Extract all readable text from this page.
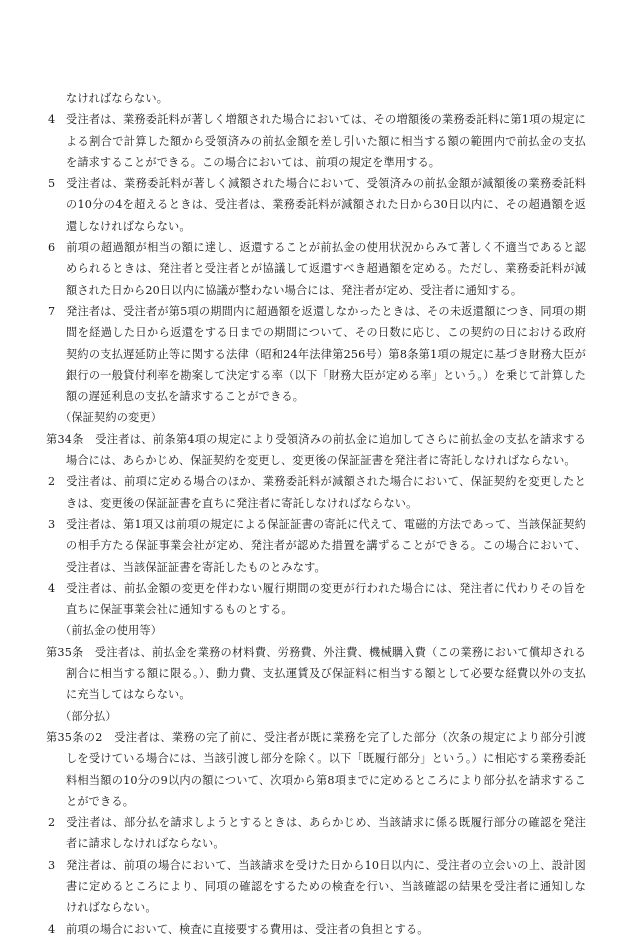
なければならない。
4 受注者は、業務委託料が著しく増額された場合においては、その増額後の業務委託料に第1項の規定による割合で計算した額から受領済みの前払金額を差し引いた額に相当する額の範囲内で前払金の支払を請求することができる。この場合においては、前項の規定を準用する。
5 受注者は、業務委託料が著しく減額された場合において、受領済みの前払金額が減額後の業務委託料の10分の4を超えるときは、受注者は、業務委託料が減額された日から30日以内に、その超過額を返還しなければならない。
6 前項の超過額が相当の額に達し、返還することが前払金の使用状況からみて著しく不適当であると認められるときは、発注者と受注者とが協議して返還すべき超過額を定める。ただし、業務委託料が減額された日から20日以内に協議が整わない場合には、発注者が定め、受注者に通知する。
7 発注者は、受注者が第5項の期間内に超過額を返還しなかったときは、その未返還額につき、同項の期間を経過した日から返還をする日までの期間について、その日数に応じ、この契約の日における政府契約の支払遅延防止等に関する法律（昭和24年法律第256号）第8条第1項の規定に基づき財務大臣が銀行の一般貸付利率を勘案して決定する率（以下「財務大臣が定める率」という。）を乗じて計算した額の遅延利息の支払を請求することができる。
（保証契約の変更）
第34条　 受注者は、前条第4項の規定により受領済みの前払金に追加してさらに前払金の支払を請求する場合には、あらかじめ、保証契約を変更し、変更後の保証証書を発注者に寄託しなければならない。
2 受注者は、前項に定める場合のほか、業務委託料が減額された場合において、保証契約を変更したときは、変更後の保証証書を直ちに発注者に寄託しなければならない。
3 受注者は、第1項又は前項の規定による保証証書の寄託に代えて、電磁的方法であって、当該保証契約の相手方たる保証事業会社が定め、発注者が認めた措置を講ずることができる。この場合において、受注者は、当該保証証書を寄託したものとみなす。
4 受注者は、前払金額の変更を伴わない履行期間の変更が行われた場合には、発注者に代わりその旨を直ちに保証事業会社に通知するものとする。
（前払金の使用等）
第35条　 受注者は、前払金を業務の材料費、労務費、外注費、機械購入費（この業務において償却される割合に相当する額に限る。）、動力費、支払運賃及び保証料に相当する額として必要な経費以外の支払に充当してはならない。
（部分払）
第35条の2　 受注者は、業務の完了前に、受注者が既に業務を完了した部分（次条の規定により部分引渡しを受けている場合には、当該引渡し部分を除く。以下「既履行部分」という。）に相応する業務委託料相当額の10分の9以内の額について、次項から第8項までに定めるところにより部分払を請求することができる。
2 受注者は、部分払を請求しようとするときは、あらかじめ、当該請求に係る既履行部分の確認を発注者に請求しなければならない。
3 発注者は、前項の場合において、当該請求を受けた日から10日以内に、受注者の立会いの上、設計図書に定めるところにより、同項の確認をするための検査を行い、当該確認の結果を受注者に通知しなければならない。
4 前項の場合において、検査に直接要する費用は、受注者の負担とする。
